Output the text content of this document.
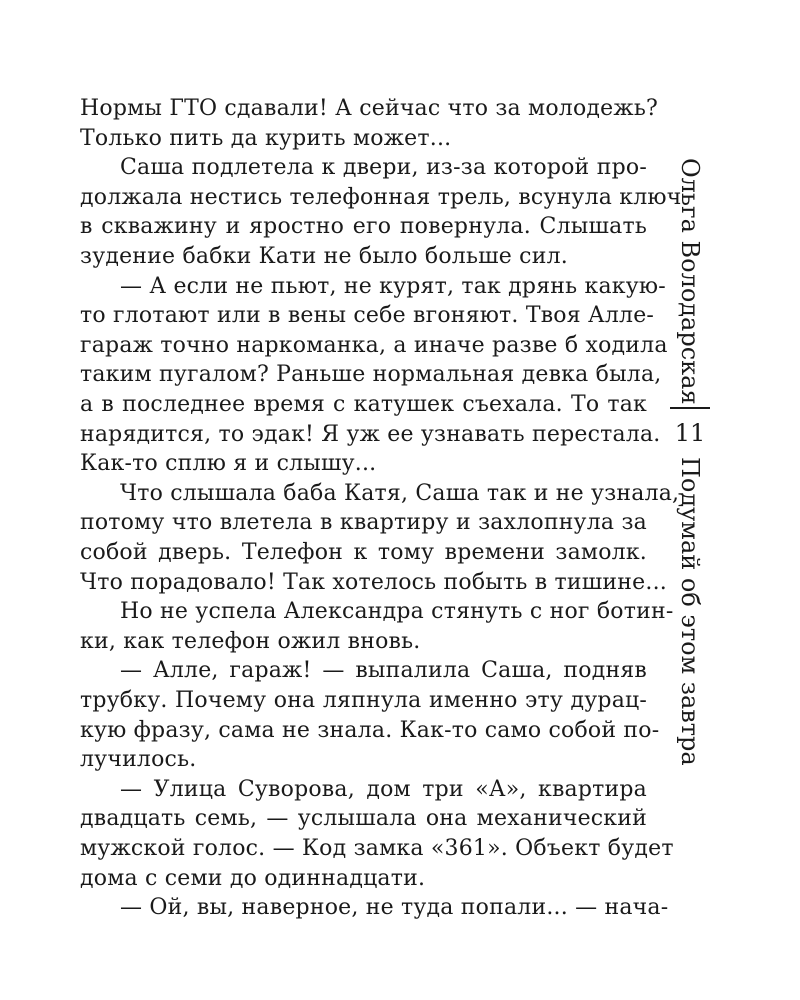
Нормы ГТО сдавали! А сейчас что за молодежь?
Только пить да курить может...
Саша подлетела к двери, из-за которой про-
должала нестись телефонная трель, всунула ключ
в скважину и яростно его повернула. Слышать
зудение бабки Кати не было больше сил.
— А если не пьют, не курят, так дрянь какую-
то глотают или в вены себе вгоняют. Твоя Алле-
гараж точно наркоманка, а иначе разве б ходила
таким пугалом? Раньше нормальная девка была,
а в последнее время с катушек съехала. То так
нарядится, то эдак! Я уж ее узнавать перестала.
Как-то сплю я и слышу...
Что слышала баба Катя, Саша так и не узнала,
потому что влетела в квартиру и захлопнула за
собой дверь. Телефон к тому времени замолк.
Что порадовало! Так хотелось побыть в тишине...
Но не успела Александра стянуть с ног ботин-
ки, как телефон ожил вновь.
— Алле, гараж! — выпалила Саша, подняв
трубку. Почему она ляпнула именно эту дурац-
кую фразу, сама не знала. Как-то само собой по-
лучилось.
— Улица Суворова, дом три «А», квартира
двадцать семь, — услышала она механический
мужской голос. — Код замка «361». Объект будет
дома с семи до одиннадцати.
— Ой, вы, наверное, не туда попали... — нача-
Ольга Володарская
11
Подумай об этом завтра
